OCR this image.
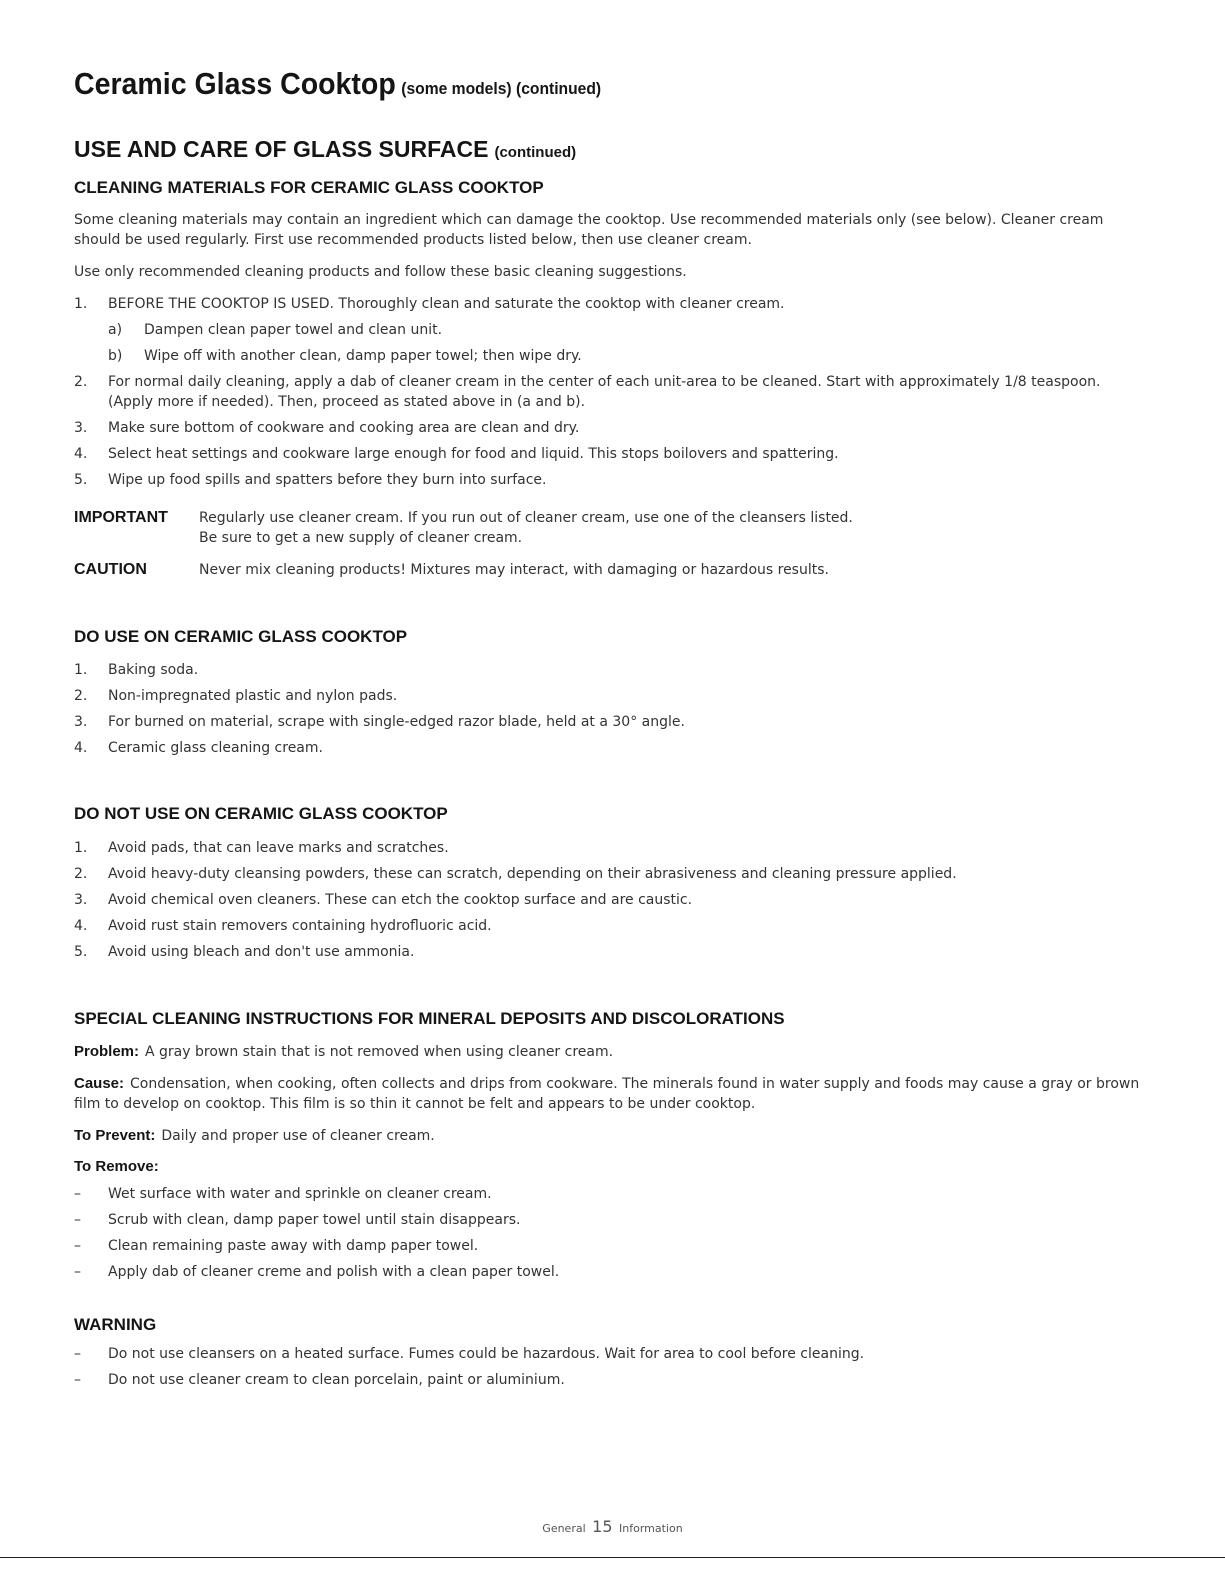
Ceramic Glass Cooktop (some models) (continued)
USE AND CARE OF GLASS SURFACE (continued)
CLEANING MATERIALS FOR CERAMIC GLASS COOKTOP

Some cleaning materials may contain an ingredient which can damage the cooktop. Use recommended materials only (see below). Cleaner cream should be used regularly. First use recommended products listed below, then use cleaner cream.

Use only recommended cleaning products and follow these basic cleaning suggestions.

1.	BEFORE THE COOKTOP IS USED. Thoroughly clean and saturate the cooktop with cleaner cream.
a)	Dampen clean paper towel and clean unit.
b)	Wipe off with another clean, damp paper towel; then wipe dry.
2.	For normal daily cleaning, apply a dab of cleaner cream in the center of each unit-area to be cleaned. Start with approximately 1/8 teaspoon. (Apply more if needed). Then, proceed as stated above in (a and b).
3.	Make sure bottom of cookware and cooking area are clean and dry.
4.	Select heat settings and cookware large enough for food and liquid. This stops boilovers and spattering.
5.	Wipe up food spills and spatters before they burn into surface.
IMPORTANT Regularly use cleaner cream. If you run out of cleaner cream, use one of the cleansers listed.
Be sure to get a new supply of cleaner cream.
CAUTION	Never mix cleaning products! Mixtures may interact, with damaging or hazardous results.
DO USE ON CERAMIC GLASS COOKTOP
1.	Baking soda.
2.	Non-impregnated plastic and nylon pads.
3.	For burned on material, scrape with single-edged razor blade, held at a 30° angle.
4.	Ceramic glass cleaning cream.
DO NOT USE ON CERAMIC GLASS COOKTOP
1.	Avoid pads, that can leave marks and scratches.
2.	Avoid heavy-duty cleansing powders, these can scratch, depending on their abrasiveness and cleaning pressure applied.
3.	Avoid chemical oven cleaners. These can etch the cooktop surface and are caustic.
4.	Avoid rust stain removers containing hydrofluoric acid.
5.	Avoid using bleach and don't use ammonia.
SPECIAL CLEANING INSTRUCTIONS FOR MINERAL DEPOSITS AND DISCOLORATIONS

Problem: A gray brown stain that is not removed when using cleaner cream.

Cause: Condensation, when cooking, often collects and drips from cookware. The minerals found in water supply and foods may cause a gray or brown film to develop on cooktop. This film is so thin it cannot be felt and appears to be under cooktop.

To Prevent: Daily and proper use of cleaner cream.

To Remove:

–	Wet surface with water and sprinkle on cleaner cream.
–	Scrub with clean, damp paper towel until stain disappears.
–	Clean remaining paste away with damp paper towel.
–	Apply dab of cleaner creme and polish with a clean paper towel.
WARNING
–	Do not use cleansers on a heated surface. Fumes could be hazardous. Wait for area to cool before cleaning.
–	Do not use cleaner cream to clean porcelain, paint or aluminium.
General 15 Information
